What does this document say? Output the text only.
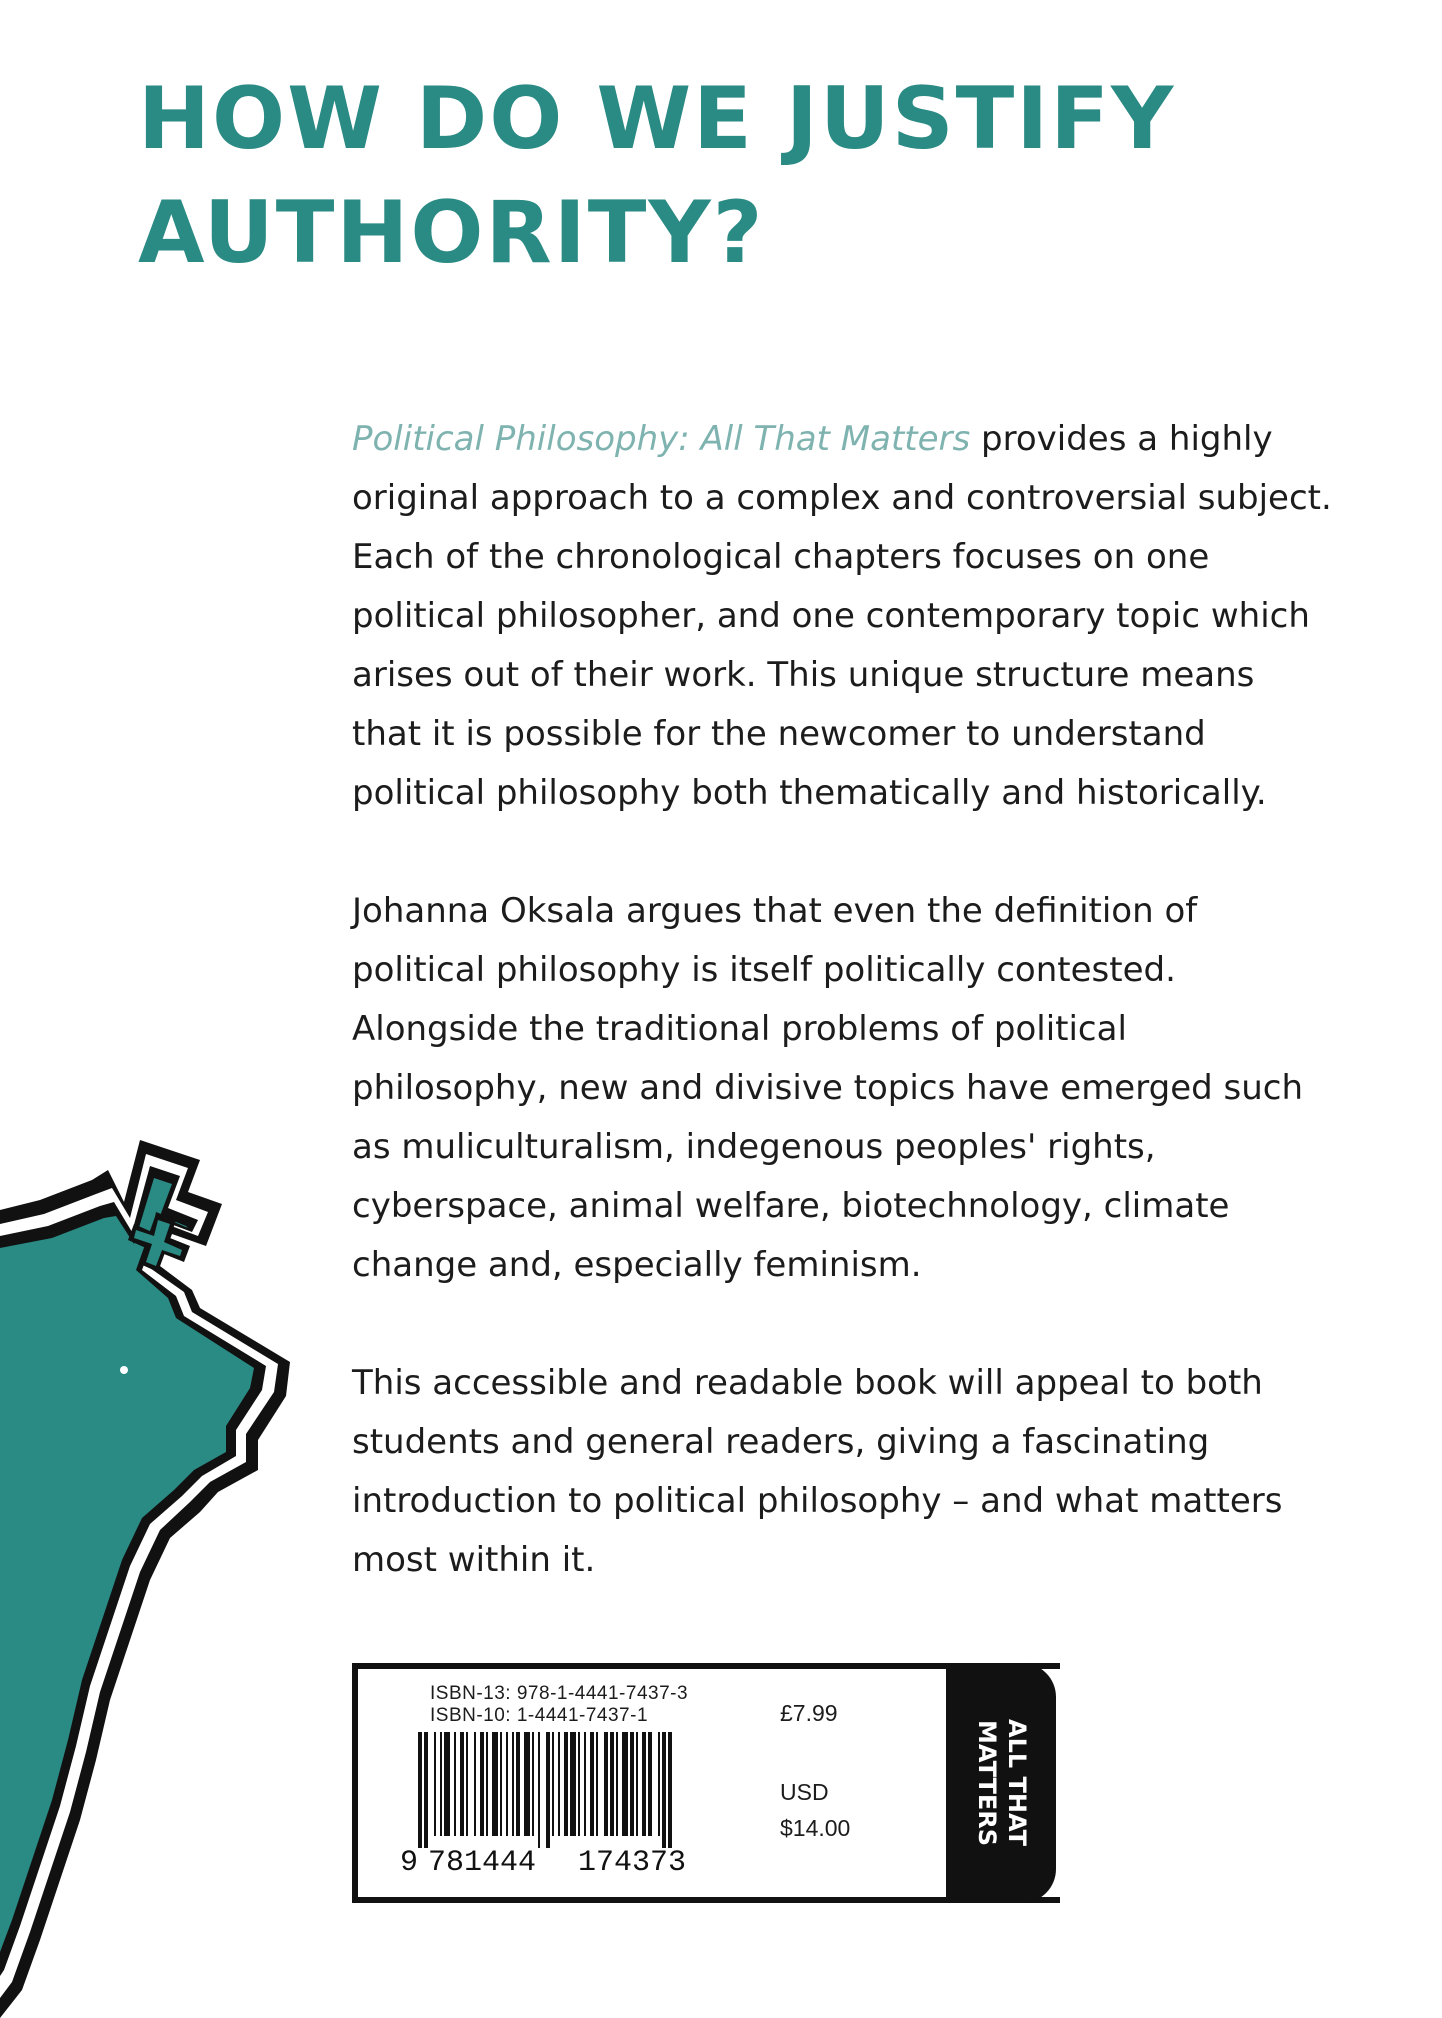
HOW DO WE JUSTIFY
AUTHORITY?

Political Philosophy: All That Matters provides a highly original approach to a complex and controversial subject. Each of the chronological chapters focuses on one political philosopher, and one contemporary topic which arises out of their work. This unique structure means that it is possible for the newcomer to understand political philosophy both thematically and historically.

Johanna Oksala argues that even the definition of political philosophy is itself politically contested. Alongside the traditional problems of political philosophy, new and divisive topics have emerged such as muliculturalism, indegenous peoples' rights, cyberspace, animal welfare, biotechnology, climate change and, especially feminism.

This accessible and readable book will appeal to both students and general readers, giving a fascinating introduction to political philosophy – and what matters most within it.

ALL THAT
MATTERS
ISBN-13: 978-1-4441-7437-3
ISBN-10: 1-4441-7437-1
9 781444 174373
£7.99
USD
$14.00
